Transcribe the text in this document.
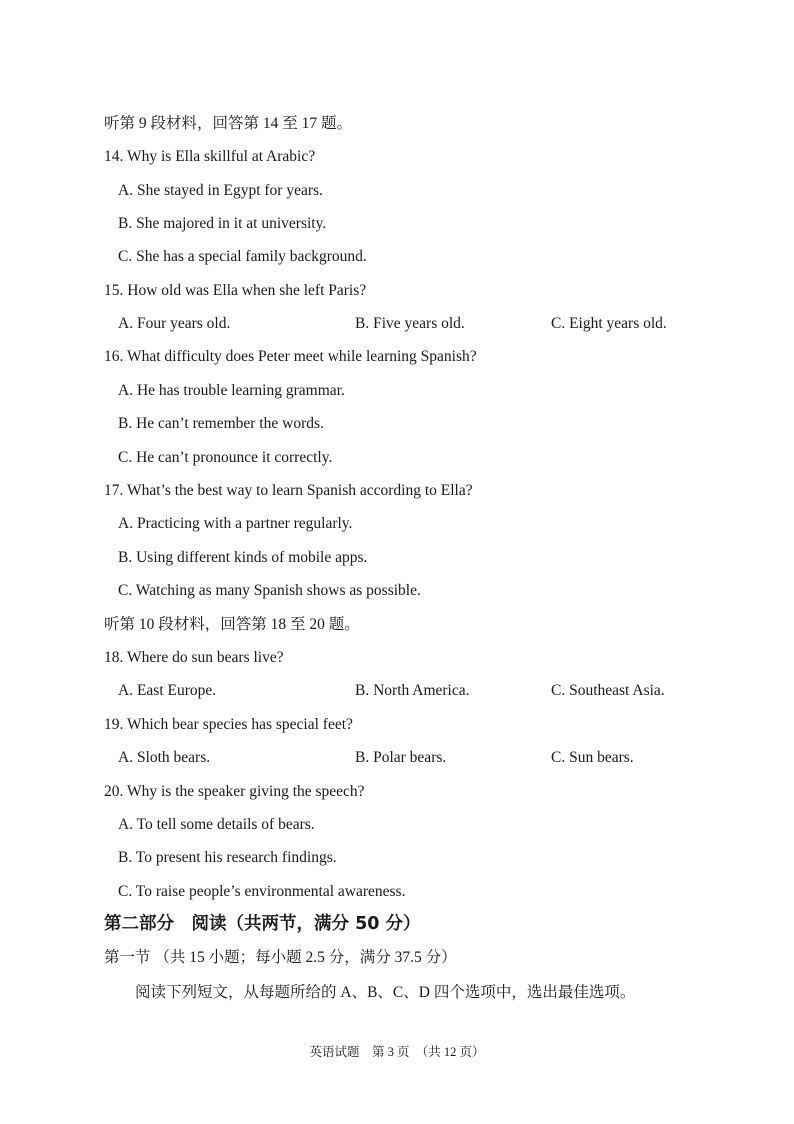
听第 9 段材料，回答第 14 至 17 题。
14. Why is Ella skillful at Arabic?
A. She stayed in Egypt for years.
B. She majored in it at university.
C. She has a special family background.
15. How old was Ella when she left Paris?
A. Four years old.	B. Five years old.	C. Eight years old.
16. What difficulty does Peter meet while learning Spanish?
A. He has trouble learning grammar.
B. He can’t remember the words.
C. He can’t pronounce it correctly.
17. What’s the best way to learn Spanish according to Ella?
A. Practicing with a partner regularly.
B. Using different kinds of mobile apps.
C. Watching as many Spanish shows as possible.
听第 10 段材料，回答第 18 至 20 题。
18. Where do sun bears live?
A. East Europe.	B. North America.	C. Southeast Asia.
19. Which bear species has special feet?
A. Sloth bears.	B. Polar bears.	C. Sun bears.
20. Why is the speaker giving the speech?
A. To tell some details of bears.
B. To present his research findings.
C. To raise people’s environmental awareness.
第二部分　阅读（共两节，满分 50 分）
第一节 （共 15 小题；每小题 2.5 分，满分 37.5 分）
阅读下列短文，从每题所给的 A、B、C、D 四个选项中，选出最佳选项。
英语试题　第 3 页　（共 12 页）
